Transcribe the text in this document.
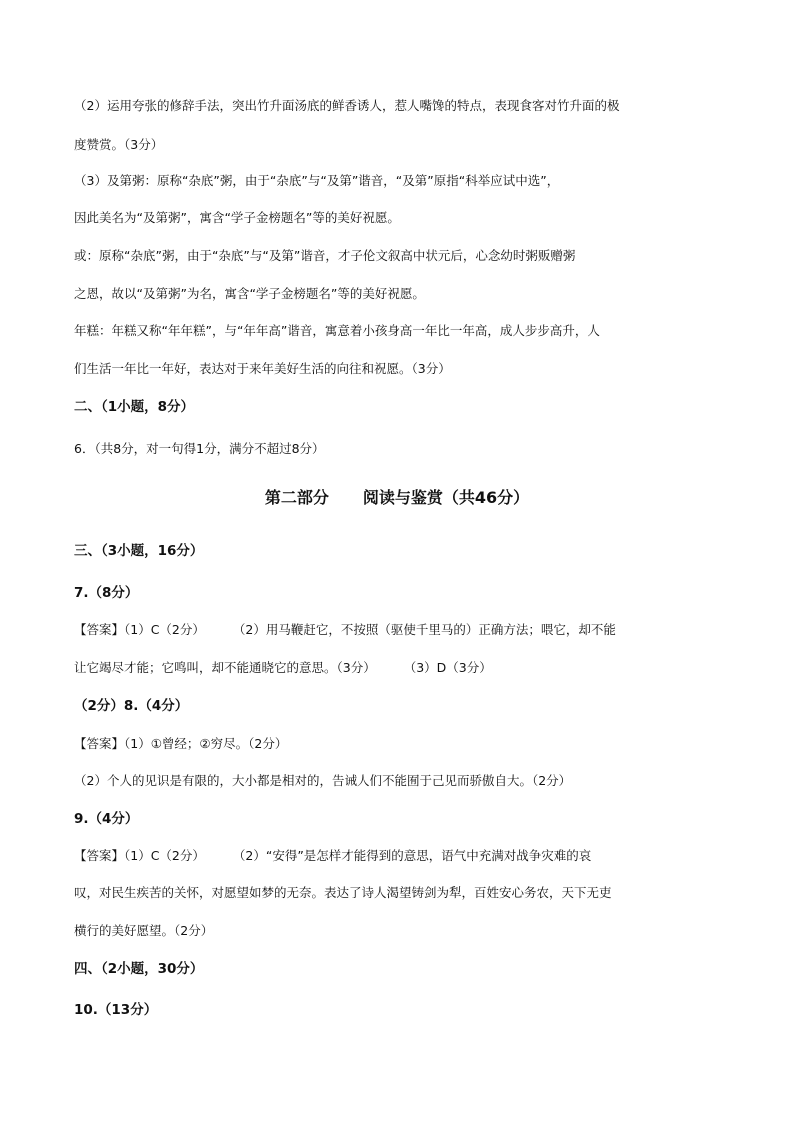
（2）运用夸张的修辞手法，突出竹升面汤底的鲜香诱人，惹人嘴馋的特点，表现食客对竹升面的极
度赞赏。（3分）
（3）及第粥：原称“杂底”粥，由于“杂底”与“及第”谐音，“及第”原指“科举应试中选”，
因此美名为“及第粥”，寓含“学子金榜题名”等的美好祝愿。
或：原称“杂底”粥，由于“杂底”与“及第”谐音，才子伦文叙高中状元后，心念幼时粥贩赠粥
之恩，故以“及第粥”为名，寓含“学子金榜题名”等的美好祝愿。
年糕：年糕又称“年年糕”，与“年年高”谐音，寓意着小孩身高一年比一年高，成人步步高升，人
们生活一年比一年好，表达对于来年美好生活的向往和祝愿。（3分）
二、（1小题，8分）
6．（共8分，对一句得1分，满分不超过8分）
第二部分 阅读与鉴赏（共46分）
三、（3小题，16分）
7.（8分）
【答案】（1）C（2分） （2）用马鞭赶它，不按照（驱使千里马的）正确方法；喂它，却不能
让它竭尽才能；它鸣叫，却不能通晓它的意思。（3分） （3）D（3分）
（2分）8.（4分）
【答案】（1）①曾经；②穷尽。（2分）
（2）个人的见识是有限的，大小都是相对的，告诫人们不能囿于己见而骄傲自大。（2分）
9.（4分）
【答案】（1）C（2分） （2）“安得”是怎样才能得到的意思，语气中充满对战争灾难的哀
叹，对民生疾苦的关怀，对愿望如梦的无奈。表达了诗人渴望铸剑为犁，百姓安心务农，天下无吏
横行的美好愿望。（2分）
四、（2小题，30分）
10.（13分）
